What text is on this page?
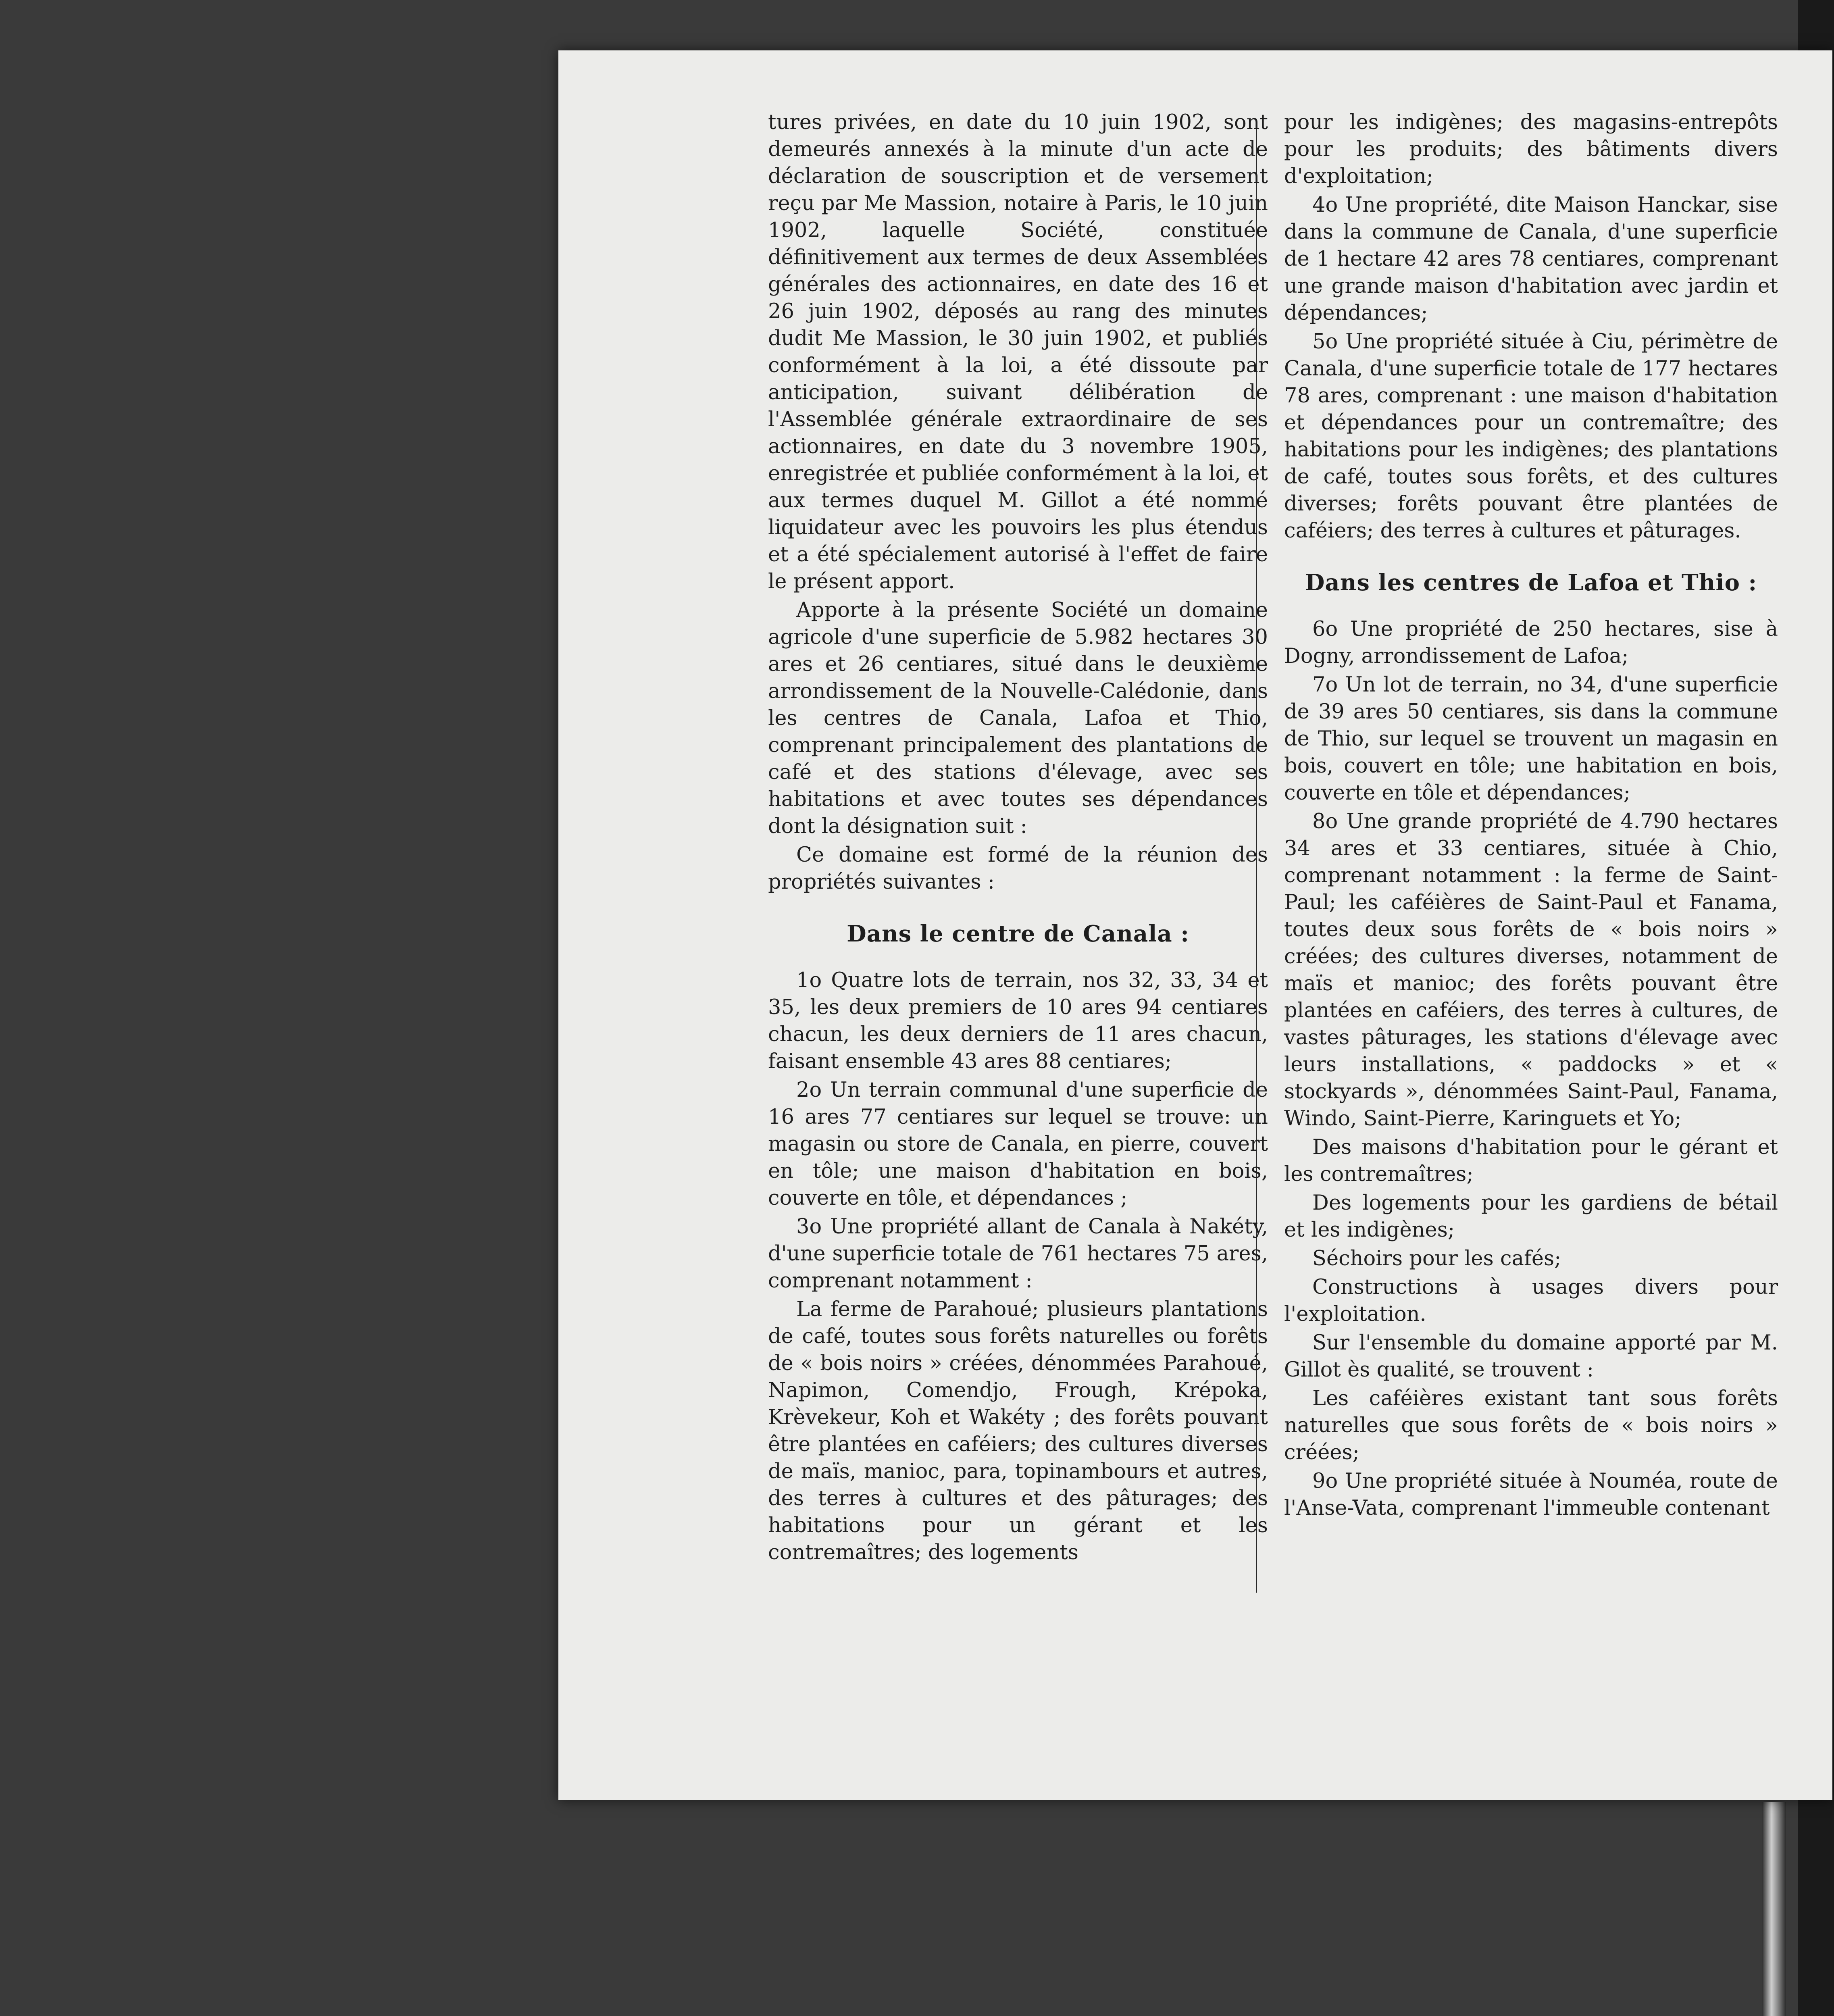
tures privées, en date du 10 juin 1902, sont demeurés annexés à la minute d'un acte de déclaration de souscription et de versement reçu par Me Massion, notaire à Paris, le 10 juin 1902, laquelle Société, constituée définitivement aux termes de deux Assemblées générales des actionnaires, en date des 16 et 26 juin 1902, déposés au rang des minutes dudit Me Massion, le 30 juin 1902, et publiés conformément à la loi, a été dissoute par anticipation, suivant délibération de l'Assemblée générale extraordinaire de ses actionnaires, en date du 3 novembre 1905, enregistrée et publiée conformément à la loi, et aux termes duquel M. Gillot a été nommé liquidateur avec les pouvoirs les plus étendus et a été spécialement autorisé à l'effet de faire le présent apport.

Apporte à la présente Société un domaine agricole d'une superficie de 5.982 hectares 30 ares et 26 centiares, situé dans le deuxième arrondissement de la Nouvelle-Calédonie, dans les centres de Canala, Lafoa et Thio, comprenant principalement des plantations de café et des stations d'élevage, avec ses habitations et avec toutes ses dépendances dont la désignation suit :

Ce domaine est formé de la réunion des propriétés suivantes :

Dans le centre de Canala :

1o Quatre lots de terrain, nos 32, 33, 34 et 35, les deux premiers de 10 ares 94 centiares chacun, les deux derniers de 11 ares chacun, faisant ensemble 43 ares 88 centiares;

2o Un terrain communal d'une superficie de 16 ares 77 centiares sur lequel se trouve: un magasin ou store de Canala, en pierre, couvert en tôle; une maison d'habitation en bois, couverte en tôle, et dépendances ;

3o Une propriété allant de Canala à Nakéty, d'une superficie totale de 761 hectares 75 ares, comprenant notamment :

La ferme de Parahoué; plusieurs plantations de café, toutes sous forêts naturelles ou forêts de « bois noirs » créées, dénommées Parahoué, Napimon, Comendjo, Frough, Krépoka, Krèvekeur, Koh et Wakéty ; des forêts pouvant être plantées en caféiers; des cultures diverses de maïs, manioc, para, topinambours et autres, des terres à cultures et des pâturages; des habitations pour un gérant et les contremaîtres; des logements

pour les indigènes; des magasins-entrepôts pour les produits; des bâtiments divers d'exploitation;

4o Une propriété, dite Maison Hanckar, sise dans la commune de Canala, d'une superficie de 1 hectare 42 ares 78 centiares, comprenant une grande maison d'habitation avec jardin et dépendances;

5o Une propriété située à Ciu, périmètre de Canala, d'une superficie totale de 177 hectares 78 ares, comprenant : une maison d'habitation et dépendances pour un contremaître; des habitations pour les indigènes; des plantations de café, toutes sous forêts, et des cultures diverses; forêts pouvant être plantées de caféiers; des terres à cultures et pâturages.

Dans les centres de Lafoa et Thio :

6o Une propriété de 250 hectares, sise à Dogny, arrondissement de Lafoa;

7o Un lot de terrain, no 34, d'une superficie de 39 ares 50 centiares, sis dans la commune de Thio, sur lequel se trouvent un magasin en bois, couvert en tôle; une habitation en bois, couverte en tôle et dépendances;

8o Une grande propriété de 4.790 hectares 34 ares et 33 centiares, située à Chio, comprenant notamment : la ferme de Saint-Paul; les caféières de Saint-Paul et Fanama, toutes deux sous forêts de « bois noirs » créées; des cultures diverses, notamment de maïs et manioc; des forêts pouvant être plantées en caféiers, des terres à cultures, de vastes pâturages, les stations d'élevage avec leurs installations, « paddocks » et « stockyards », dénommées Saint-Paul, Fanama, Windo, Saint-Pierre, Karinguets et Yo;

Des maisons d'habitation pour le gérant et les contremaîtres;

Des logements pour les gardiens de bétail et les indigènes;

Séchoirs pour les cafés;

Constructions à usages divers pour l'exploitation.

Sur l'ensemble du domaine apporté par M. Gillot ès qualité, se trouvent :

Les caféières existant tant sous forêts naturelles que sous forêts de « bois noirs » créées;

9o Une propriété située à Nouméa, route de l'Anse-Vata, comprenant l'immeuble contenant
